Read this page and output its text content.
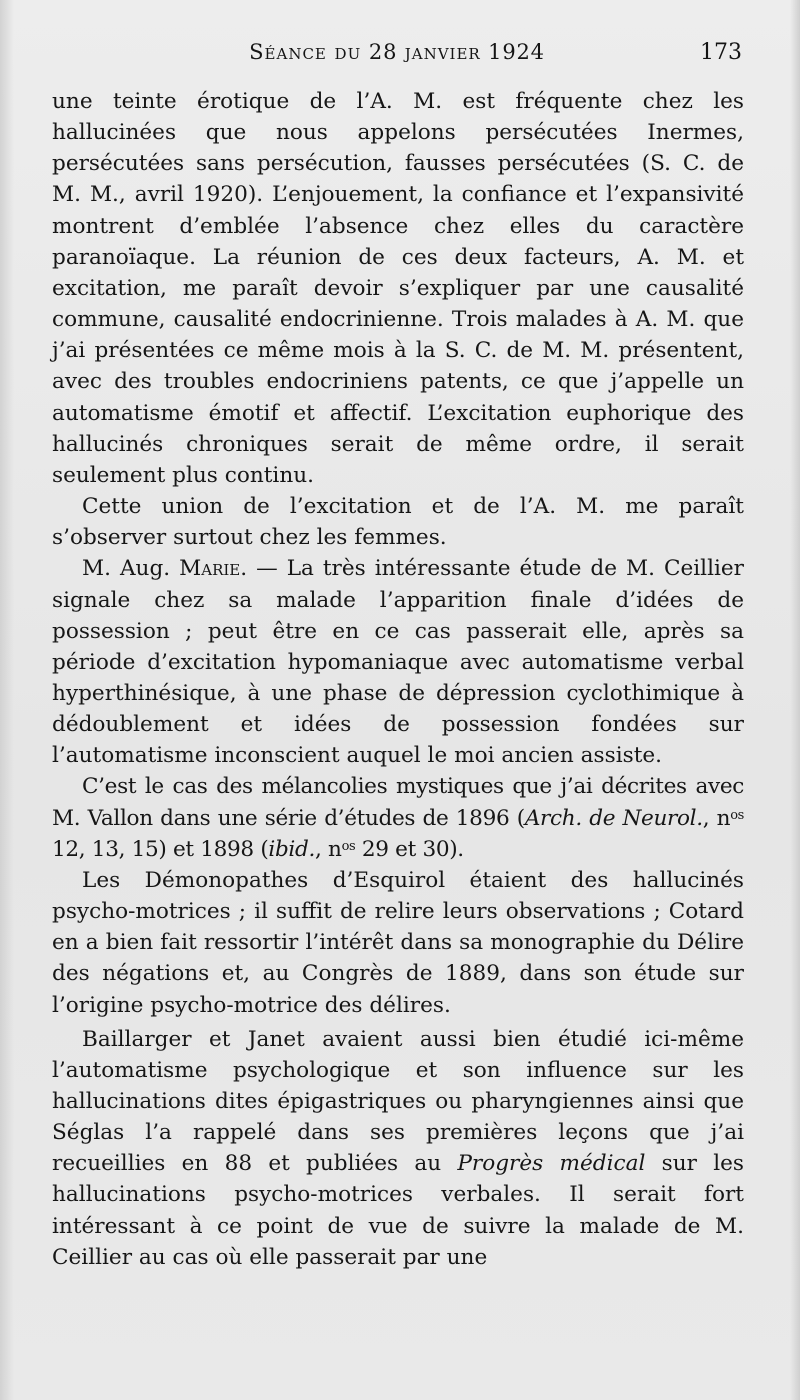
Séance du 28 janvier 1924	173

une teinte érotique de l’A. M. est fréquente chez les hallucinées que nous appelons persécutées Inermes, persécutées sans persécution, fausses persécutées (S. C. de M. M., avril 1920). L’enjouement, la confiance et l’expansivité montrent d’emblée l’absence chez elles du caractère paranoïaque. La réunion de ces deux facteurs, A. M. et excitation, me paraît devoir s’expliquer par une causalité commune, causalité endocrinienne. Trois malades à A. M. que j’ai présentées ce même mois à la S. C. de M. M. présentent, avec des troubles endocriniens patents, ce que j’appelle un automatisme émotif et affectif. L’excitation euphorique des hallucinés chroniques serait de même ordre, il serait seulement plus continu.

Cette union de l’excitation et de l’A. M. me paraît s’observer surtout chez les femmes.

M. Aug. Marie. — La très intéressante étude de M. Ceillier signale chez sa malade l’apparition finale d’idées de possession ; peut être en ce cas passerait elle, après sa période d’excitation hypomaniaque avec automatisme verbal hyperthinésique, à une phase de dépression cyclothimique à dédoublement et idées de possession fondées sur l’automatisme inconscient auquel le moi ancien assiste.

C’est le cas des mélancolies mystiques que j’ai décrites avec M. Vallon dans une série d’études de 1896 (Arch. de Neurol., $n^{os}$ 12, 13, 15) et 1898 (ibid., $n^{os}$ 29 et 30).

Les Démonopathes d’Esquirol étaient des hallucinés psycho-motrices ; il suffit de relire leurs observations ; Cotard en a bien fait ressortir l’intérêt dans sa monographie du Délire des négations et, au Congrès de 1889, dans son étude sur l’origine psycho-motrice des délires.

Baillarger et Janet avaient aussi bien étudié ici-même l’automatisme psychologique et son influence sur les hallucinations dites épigastriques ou pharyngiennes ainsi que Séglas l’a rappelé dans ses premières leçons que j’ai recueillies en 88 et publiées au Progrès médical sur les hallucinations psycho-motrices verbales. Il serait fort intéressant à ce point de vue de suivre la malade de M. Ceillier au cas où elle passerait par une
